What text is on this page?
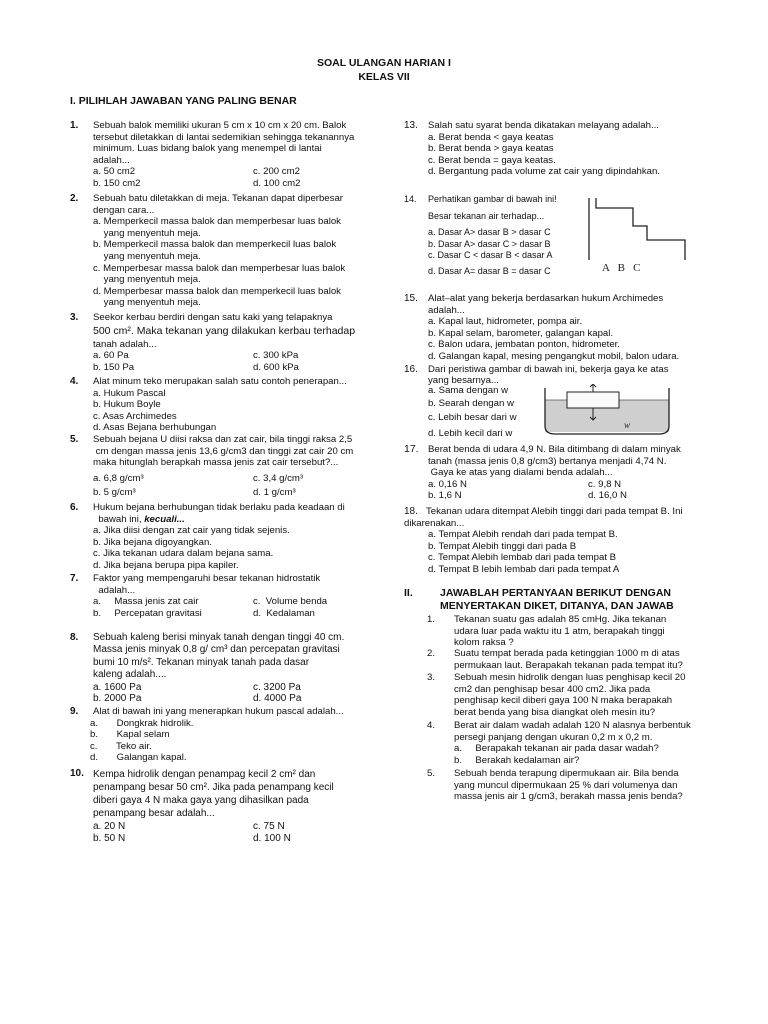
SOAL ULANGAN HARIAN I
KELAS VII
I. PILIHLAH JAWABAN YANG PALING BENAR
1. Sebuah balok memiliki ukuran 5 cm x 10 cm x 20 cm. Balok
tersebut diletakkan di lantai sedemikian sehingga tekanannya
minimum. Luas bidang balok yang menempel di lantai
adalah...
a. 50 cm2	c. 200 cm2
b. 150 cm2	d. 100 cm2
2. Sebuah batu diletakkan di meja. Tekanan dapat diperbesar
dengan cara...
a. Memperkecil massa balok dan memperbesar luas balok
yang menyentuh meja.
b. Memperkecil massa balok dan memperkecil luas balok
yang menyentuh meja.
c. Memperbesar massa balok dan memperbesar luas balok
yang menyentuh meja.
d. Memperbesar massa balok dan memperkecil luas balok
yang menyentuh meja.
3. Seekor kerbau berdiri dengan satu kaki yang telapaknya
500 cm². Maka tekanan yang dilakukan kerbau terhadap
tanah adalah...
a. 60 Pa	c. 300 kPa
b. 150 Pa	d. 600 kPa
4. Alat minum teko merupakan salah satu contoh penerapan...
a. Hukum Pascal
b. Hukum Boyle
c. Asas Archimedes
d. Asas Bejana berhubungan
5. Sebuah bejana U diisi raksa dan zat cair, bila tinggi raksa 2,5
cm dengan massa jenis 13,6 g/cm3 dan tinggi zat cair 20 cm
maka hitunglah berapkah massa jenis zat cair tersebut?...
a. 6,8 g/cm³	c. 3,4 g/cm³
b. 5 g/cm³	d. 1 g/cm³
6. Hukum bejana berhubungan tidak berlaku pada keadaan di
bawah ini, kecuali...
a. Jika diisi dengan zat cair yang tidak sejenis.
b. Jika bejana digoyangkan.
c. Jika tekanan udara dalam bejana sama.
d. Jika bejana berupa pipa kapiler.
7. Faktor yang mempengaruhi besar tekanan hidrostatik
adalah...
a.     Massa jenis zat cair	c.  Volume benda
b.     Percepatan gravitasi	d.  Kedalaman
8. Sebuah kaleng berisi minyak tanah dengan tinggi 40 cm.
Massa jenis minyak 0,8 g/ cm³ dan percepatan gravitasi
bumi 10 m/s². Tekanan minyak tanah pada dasar
kaleng adalah....
a. 1600 Pa	c. 3200 Pa
b. 2000 Pa	d. 4000 Pa
9. Alat di bawah ini yang menerapkan hukum pascal adalah...
a.       Dongkrak hidrolik.
b.       Kapal selam
c.       Teko air.
d.       Galangan kapal.
10. Kempa hidrolik dengan penampag kecil 2 cm² dan
penampang besar 50 cm². Jika pada penampang kecil
diberi gaya 4 N maka gaya yang dihasilkan pada
penampang besar adalah...
a. 20 N	c. 75 N
b. 50 N	d. 100 N
13. Salah satu syarat benda dikatakan melayang adalah...
a. Berat benda < gaya keatas
b. Berat benda > gaya keatas
c. Berat benda = gaya keatas.
d. Bergantung pada volume zat cair yang dipindahkan.
14. Perhatikan gambar di bawah ini!
Besar tekanan air terhadap...
a. Dasar A> dasar B > dasar C
b. Dasar A> dasar C > dasar B
c. Dasar C < dasar B < dasar A
d. Dasar A= dasar B = dasar C	A   B   C
15. Alat–alat yang bekerja berdasarkan hukum Archimedes
adalah...
a. Kapal laut, hidrometer, pompa air.
b. Kapal selam, barometer, galangan kapal.
c. Balon udara, jembatan ponton, hidrometer.
d. Galangan kapal, mesing pengangkut mobil, balon udara.
16. Dari peristiwa gambar di bawah ini, bekerja gaya ke atas
yang besarnya...
a. Sama dengan w
b. Searah dengan w
c. Lebih besar dari w
d. Lebih kecil dari w
w
17. Berat benda di udara 4,9 N. Bila ditimbang di dalam minyak
tanah (massa jenis 0,8 g/cm3) bertanya menjadi 4,74 N.
Gaya ke atas yang dialami benda adalah...
a. 0,16 N	c. 9,8 N
b. 1,6 N	d. 16,0 N
18. Tekanan udara ditempat Alebih tinggi dari pada tempat B. Ini
dikarenakan...
a. Tempat Alebih rendah dari pada tempat B.
b. Tempat Alebih tinggi dari pada B
c. Tempat Alebih lembab dari pada tempat B
d. Tempat B lebih lembab dari pada tempat A
II.	JAWABLAH PERTANYAAN BERIKUT DENGAN
MENYERTAKAN DIKET, DITANYA, DAN JAWAB
1. Tekanan suatu gas adalah 85 cmHg. Jika tekanan
udara luar pada waktu itu 1 atm, berapakah tinggi
kolom raksa ?
2. Suatu tempat berada pada ketinggian 1000 m di atas
permukaan laut. Berapakah tekanan pada tempat itu?
3. Sebuah mesin hidrolik dengan luas penghisap kecil 20
cm2 dan penghisap besar 400 cm2. Jika pada
penghisap kecil diberi gaya 100 N maka berapakah
berat benda yang bisa diangkat oleh mesin itu?
4. Berat air dalam wadah adalah 120 N alasnya berbentuk
persegi panjang dengan ukuran 0,2 m x 0,2 m.
a.     Berapakah tekanan air pada dasar wadah?
b.     Berakah kedalaman air?
5. Sebuah benda terapung dipermukaan air. Bila benda
yang muncul dipermukaan 25 % dari volumenya dan
massa jenis air 1 g/cm3, berakah massa jenis benda?
